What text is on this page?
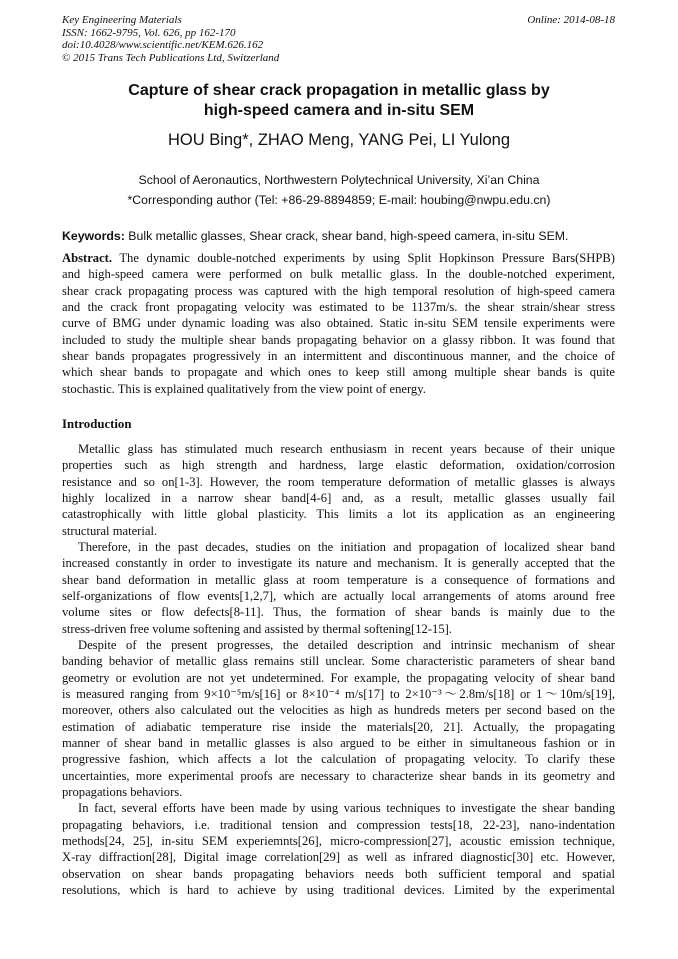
Key Engineering Materials
ISSN: 1662-9795, Vol. 626, pp 162-170
doi:10.4028/www.scientific.net/KEM.626.162
© 2015 Trans Tech Publications Ltd, Switzerland
Online: 2014-08-18
Capture of shear crack propagation in metallic glass by
high-speed camera and in-situ SEM
HOU Bing*, ZHAO Meng, YANG Pei, LI Yulong
School of Aeronautics, Northwestern Polytechnical University, Xi’an China
*Corresponding author (Tel: +86-29-8894859; E-mail: houbing@nwpu.edu.cn)
Keywords: Bulk metallic glasses, Shear crack, shear band, high-speed camera, in-situ SEM.
Abstract. The dynamic double-notched experiments by using Split Hopkinson Pressure Bars(SHPB)
and high-speed camera were performed on bulk metallic glass. In the double-notched experiment,
shear crack propagating process was captured with the high temporal resolution of high-speed camera
and the crack front propagating velocity was estimated to be 1137m/s. the shear strain/shear stress
curve of BMG under dynamic loading was also obtained. Static in-situ SEM tensile experiments were
included to study the multiple shear bands propagating behavior on a glassy ribbon. It was found that
shear bands propagates progressively in an intermittent and discontinuous manner, and the choice of
which shear bands to propagate and which ones to keep still among multiple shear bands is quite
stochastic. This is explained qualitatively from the view point of energy.
Introduction
Metallic glass has stimulated much research enthusiasm in recent years because of their unique
properties such as high strength and hardness, large elastic deformation, oxidation/corrosion
resistance and so on[1-3]. However, the room temperature deformation of metallic glasses is always
highly localized in a narrow shear band[4-6] and, as a result, metallic glasses usually fail
catastrophically with little global plasticity. This limits a lot its application as an engineering
structural material.
Therefore, in the past decades, studies on the initiation and propagation of localized shear band
increased constantly in order to investigate its nature and mechanism. It is generally accepted that the
shear band deformation in metallic glass at room temperature is a consequence of formations and
self-organizations of flow events[1,2,7], which are actually local arrangements of atoms around free
volume sites or flow defects[8-11]. Thus, the formation of shear bands is mainly due to the
stress-driven free volume softening and assisted by thermal softening[12-15].
Despite of the present progresses, the detailed description and intrinsic mechanism of shear
banding behavior of metallic glass remains still unclear. Some characteristic parameters of shear band
geometry or evolution are not yet undetermined. For example, the propagating velocity of shear band
is measured ranging from 9×10⁻⁵m/s[16] or 8×10⁻⁴ m/s[17] to 2×10⁻³～2.8m/s[18] or 1～10m/s[19],
moreover, others also calculated out the velocities as high as hundreds meters per second based on the
estimation of adiabatic temperature rise inside the materials[20, 21]. Actually, the propagating
manner of shear band in metallic glasses is also argued to be either in simultaneous fashion or in
progressive fashion, which affects a lot the calculation of propagating velocity. To clarify these
uncertainties, more experimental proofs are necessary to characterize shear bands in its geometry and
propagations behaviors.
In fact, several efforts have been made by using various techniques to investigate the shear banding
propagating behaviors, i.e. traditional tension and compression tests[18, 22-23], nano-indentation
methods[24, 25], in-situ SEM experiemnts[26], micro-compression[27], acoustic emission technique,
X-ray diffraction[28], Digital image correlation[29] as well as infrared diagnostic[30] etc. However,
observation on shear bands propagating behaviors needs both sufficient temporal and spatial
resolutions, which is hard to achieve by using traditional devices. Limited by the experimental
